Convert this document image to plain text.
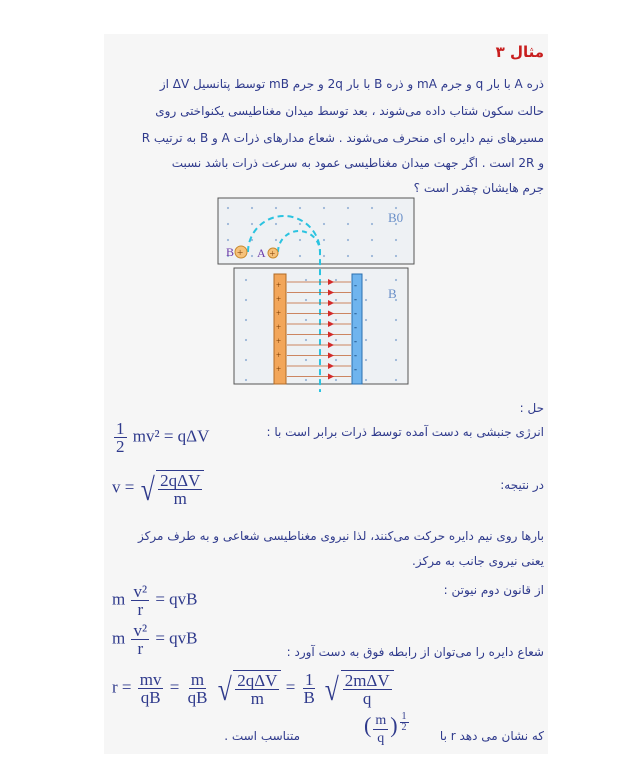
مثال ۳
ذره A با بار q و جرم mA و ذره B با بار 2q و جرم mB توسط پتانسیل ΔV از
حالت سکون شتاب داده می‌شوند ، بعد توسط میدان مغناطیسی یکنواختی روی
مسیرهای نیم دایره ای منحرف می‌شوند . شعاع مدارهای ذرات A و B به ترتیب R
و 2R است . اگر جهت میدان مغناطیسی عمود به سرعت ذرات باشد نسبت
جرم هایشان چقدر است ؟
B0
B
+	-
+	-
+	-
+	-
+	-
+	-
+	-
+
B	+
A
حل :
انرژی جنبشی به دست آمده توسط ذرات برابر است با :
$\frac{1}{2} mv^2 = q\Delta V$
در نتیجه:
v = √ $\frac{\text{2qΔV}}{m}$
بارها روی نیم دایره حرکت می‌کنند، لذا نیروی مغناطیسی شعاعی و به طرف مرکز
یعنی نیروی جانب به مرکز.
از قانون دوم نیوتن :
m $\frac{\text{v²}}{r}$ = qvB
m $\frac{\text{v²}}{r}$ = qvB
شعاع دایره را می‌توان از رابطه فوق به دست آورد :
$r = \frac{mv}{qB} = \frac{m}{qB}$
√ $\frac{\text{2qΔV}}{m} = \frac{1}{B}$
√ $\frac{\text{2mΔV}}{q}$
که نشان می دهد r با
( $\frac{m}{q}$ ) $\frac{1}{2}$
متناسب است .
